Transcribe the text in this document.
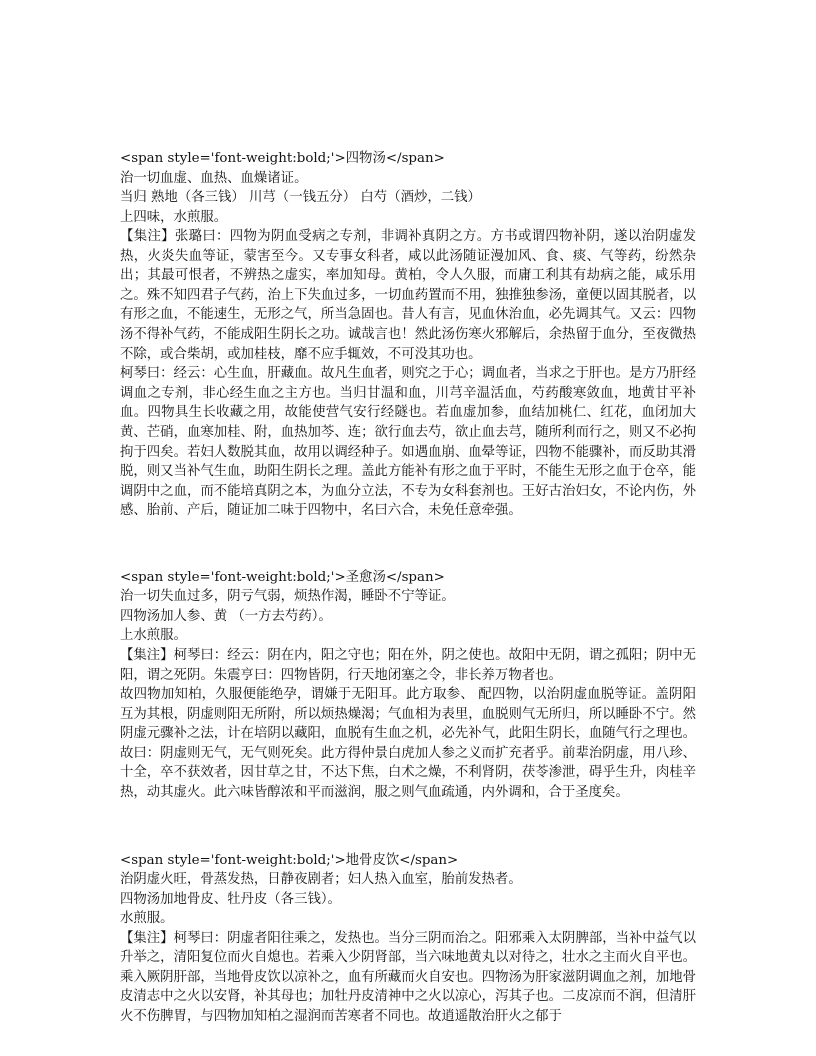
<span style='font-weight:bold;'>四物汤</span>

治一切血虚、血热、血燥诸证。

当归 熟地（各三钱） 川芎（一钱五分） 白芍（酒炒，二钱）

上四味，水煎服。

【集注】张璐曰：四物为阴血受病之专剂，非调补真阴之方。方书或谓四物补阴，遂以治阴虚发热，火炎失血等证，蒙害至今。又专事女科者，咸以此汤随证漫加风、食、痰、气等药，纷然杂出；其最可恨者，不辨热之虚实，率加知母。黄柏，令人久服，而庸工利其有劫病之能，咸乐用之。殊不知四君子气药，治上下失血过多，一切血药置而不用，独推独参汤，童便以固其脱者，以有形之血，不能速生，无形之气，所当急固也。昔人有言，见血休治血，必先调其气。又云：四物汤不得补气药，不能成阳生阴长之功。诚哉言也！然此汤伤寒火邪解后，余热留于血分，至夜微热不除，或合柴胡，或加桂枝，靡不应手辄效，不可没其功也。

柯琴曰：经云：心生血，肝藏血。故凡生血者，则究之于心；调血者，当求之于肝也。是方乃肝经调血之专剂，非心经生血之主方也。当归甘温和血，川芎辛温活血，芍药酸寒敛血，地黄甘平补血。四物具生长收藏之用，故能使营气安行经隧也。若血虚加参，血结加桃仁、红花，血闭加大黄、芒硝，血寒加桂、附，血热加芩、连；欲行血去芍，欲止血去芎，随所利而行之，则又不必拘拘于四矣。若妇人数脱其血，故用以调经种子。如遇血崩、血晕等证，四物不能骤补，而反助其滑脱，则又当补气生血，助阳生阴长之理。盖此方能补有形之血于平时，不能生无形之血于仓卒，能调阴中之血，而不能培真阴之本，为血分立法，不专为女科套剂也。王好古治妇女，不论内伤，外感、胎前、产后，随证加二味于四物中，名曰六合，未免任意牵强。

<span style='font-weight:bold;'>圣愈汤</span>

治一切失血过多，阴亏气弱，烦热作渴，睡卧不宁等证。

四物汤加人参、黄 （一方去芍药）。

上水煎服。

【集注】柯琴曰：经云：阴在内，阳之守也；阳在外，阴之使也。故阳中无阴，谓之孤阳；阴中无阳，谓之死阴。朱震亨曰：四物皆阴，行天地闭塞之令，非长养万物者也。

故四物加知柏，久服便能绝孕，谓嫌于无阳耳。此方取参、 配四物，以治阴虚血脱等证。盖阴阳互为其根，阴虚则阳无所附，所以烦热燥渴；气血相为表里，血脱则气无所归，所以睡卧不宁。然阴虚元骤补之法，计在培阴以藏阳，血脱有生血之机，必先补气，此阳生阴长，血随气行之理也。故曰：阴虚则无气，无气则死矣。此方得仲景白虎加人参之义而扩充者乎。前辈治阴虚，用八珍、十全，卒不获效者，因甘草之甘，不达下焦，白术之燥，不利肾阴，茯苓渗泄，碍乎生升，肉桂辛热，动其虚火。此六味皆醇浓和平而滋润，服之则气血疏通，内外调和，合于圣度矣。

<span style='font-weight:bold;'>地骨皮饮</span>

治阴虚火旺，骨蒸发热，日静夜剧者；妇人热入血室，胎前发热者。

四物汤加地骨皮、牡丹皮（各三钱）。

水煎服。

【集注】柯琴曰：阴虚者阳往乘之，发热也。当分三阴而治之。阳邪乘入太阴脾部，当补中益气以升举之，清阳复位而火自熄也。若乘入少阴肾部，当六味地黄丸以对待之，壮水之主而火自平也。乘入厥阴肝部，当地骨皮饮以凉补之，血有所藏而火自安也。四物汤为肝家滋阴调血之剂，加地骨皮清志中之火以安肾，补其母也；加牡丹皮清神中之火以凉心，泻其子也。二皮凉而不润，但清肝火不伤脾胃，与四物加知柏之湿润而苦寒者不同也。故逍遥散治肝火之郁于
